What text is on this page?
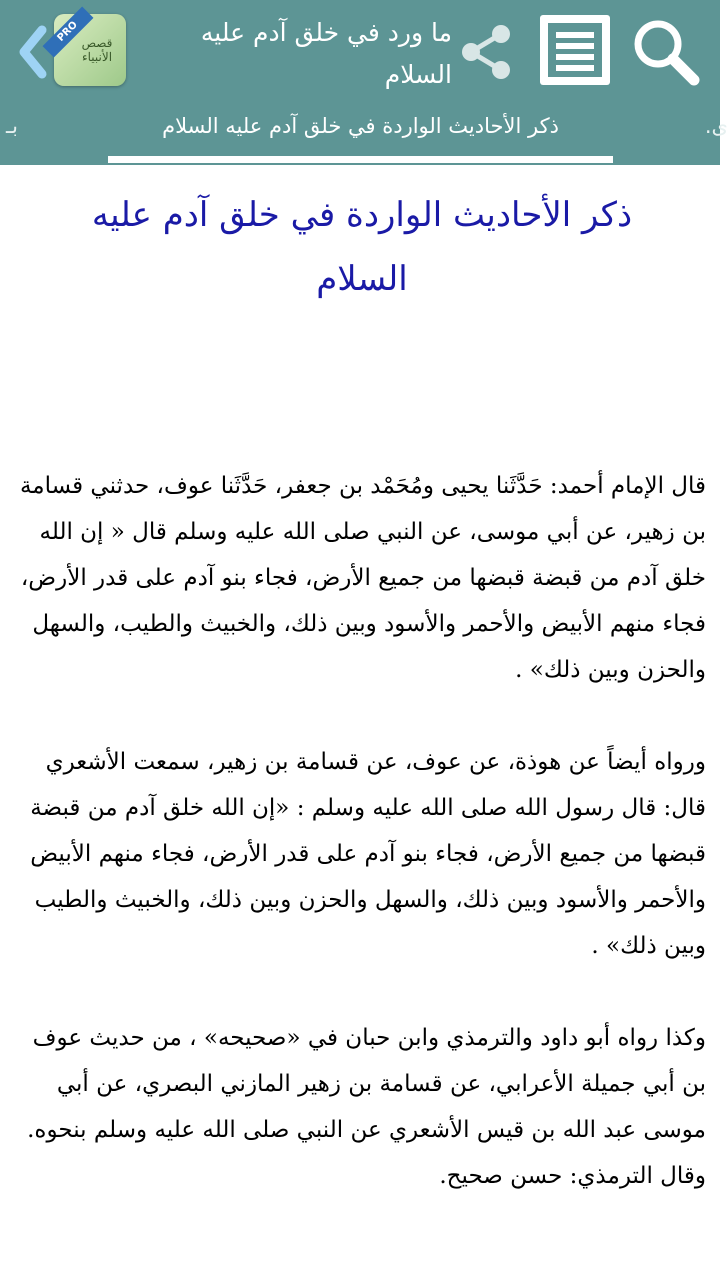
قصص الأنبياء
PRO	ما ورد في خلق آدم عليه السلام
بـ	ذكر الأحاديث الواردة في خلق آدم عليه السلام	ى.
ذكر الأحاديث الواردة في خلق آدم عليه السلام

قال الإمام أحمد: حَدَّثَنا يحيى ومُحَمْد بن جعفر، حَدَّثَنا عوف، حدثني قسامة بن زهير، عن أبي موسى، عن النبي صلى الله عليه وسلم قال « إن الله خلق آدم من قبضة قبضها من جميع الأرض، فجاء بنو آدم على قدر الأرض، فجاء منهم الأبيض والأحمر والأسود وبين ذلك، والخبيث والطيب، والسهل والحزن وبين ذلك» .

ورواه أيضاً عن هوذة، عن عوف، عن قسامة بن زهير، سمعت الأشعري قال: قال رسول الله صلى الله عليه وسلم : «إن الله خلق آدم من قبضة قبضها من جميع الأرض، فجاء بنو آدم على قدر الأرض، فجاء منهم الأبيض والأحمر والأسود وبين ذلك، والسهل والحزن وبين ذلك، والخبيث والطيب وبين ذلك» .

وكذا رواه أبو داود والترمذي وابن حبان في «صحيحه» ، من حديث عوف بن أبي جميلة الأعرابي، عن قسامة بن زهير المازني البصري، عن أبي موسى عبد الله بن قيس الأشعري عن النبي صلى الله عليه وسلم بنحوه. وقال الترمذي: حسن صحيح.
